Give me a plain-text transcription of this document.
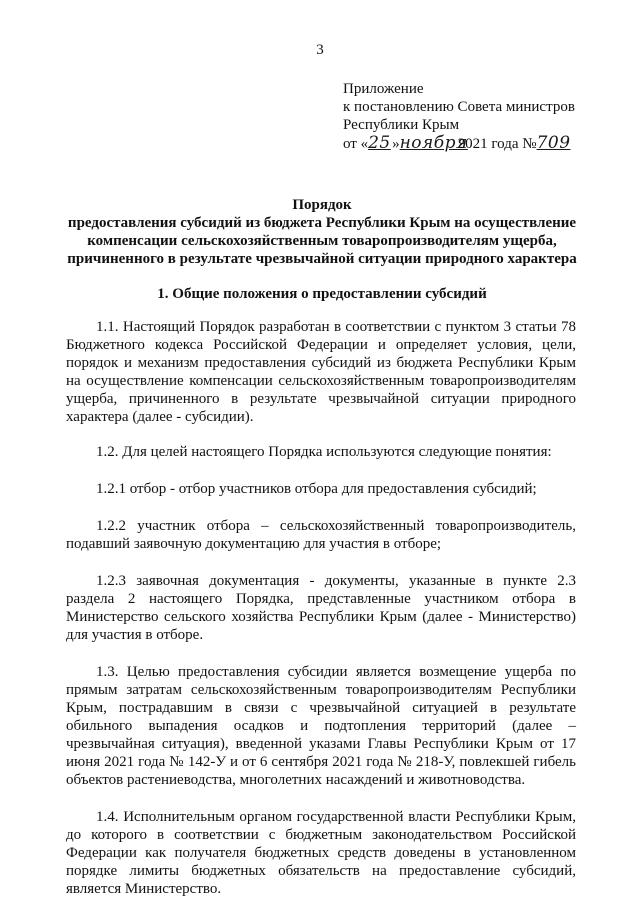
3
Приложение
к постановлению Совета министров
Республики Крым
от «25»ноября2021 года №709
Порядок
предоставления субсидий из бюджета Республики Крым на осуществление
компенсации сельскохозяйственным товаропроизводителям ущерба,
причиненного в результате чрезвычайной ситуации природного характера
1. Общие положения о предоставлении субсидий

1.1. Настоящий Порядок разработан в соответствии с пунктом 3 статьи 78 Бюджетного кодекса Российской Федерации и определяет условия, цели, порядок и механизм предоставления субсидий из бюджета Республики Крым на осуществление компенсации сельскохозяйственным товаропроизводителям ущерба, причиненного в результате чрезвычайной ситуации природного характера (далее - субсидии).

1.2. Для целей настоящего Порядка используются следующие понятия:

1.2.1 отбор - отбор участников отбора для предоставления субсидий;

1.2.2 участник отбора – сельскохозяйственный товаропроизводитель, подавший заявочную документацию для участия в отборе;

1.2.3 заявочная документация - документы, указанные в пункте 2.3 раздела 2 настоящего Порядка, представленные участником отбора в Министерство сельского хозяйства Республики Крым (далее - Министерство) для участия в отборе.

1.3. Целью предоставления субсидии является возмещение ущерба по прямым затратам сельскохозяйственным товаропроизводителям Республики Крым, пострадавшим в связи с чрезвычайной ситуацией в результате обильного выпадения осадков и подтопления территорий (далее – чрезвычайная ситуация), введенной указами Главы Республики Крым от 17 июня 2021 года № 142-У и от 6 сентября 2021 года № 218-У, повлекшей гибель объектов растениеводства, многолетних насаждений и животноводства.

1.4. Исполнительным органом государственной власти Республики Крым, до которого в соответствии с бюджетным законодательством Российской Федерации как получателя бюджетных средств доведены в установленном порядке лимиты бюджетных обязательств на предоставление субсидий, является Министерство.
